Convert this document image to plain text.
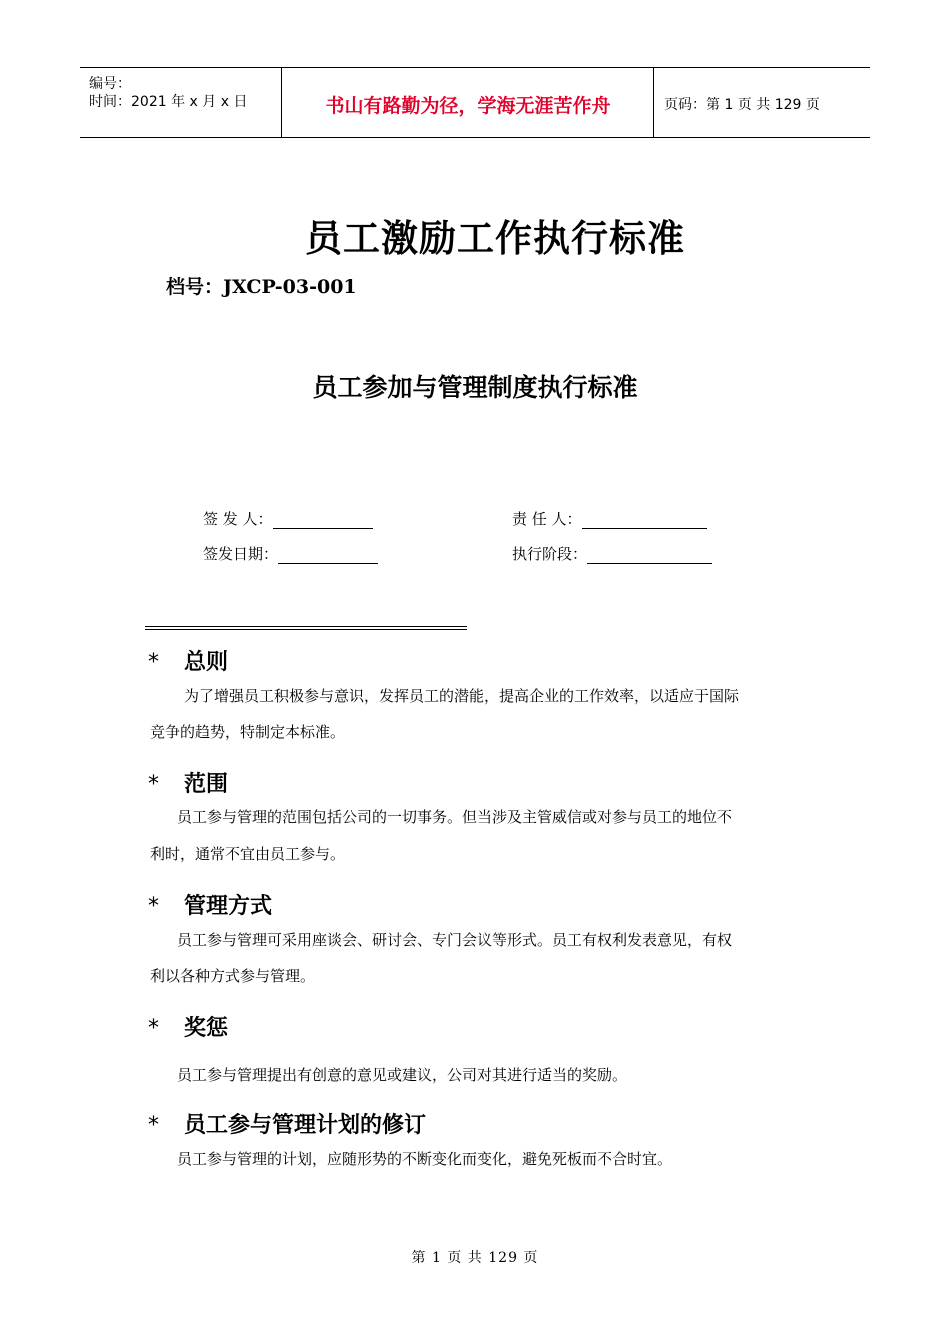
编号：
时间：2021 年 x 月 x 日	书山有路勤为径，学海无涯苦作舟	页码：第 1 页 共 129 页
员工激励工作执行标准
档号：JXCP-03-001
员工参加与管理制度执行标准
签 发 人：	责 任 人：
签发日期：	执行阶段：
* 总则
为了增强员工积极参与意识，发挥员工的潜能，提高企业的工作效率，以适应于国际
竞争的趋势，特制定本标准。
* 范围
员工参与管理的范围包括公司的一切事务。但当涉及主管威信或对参与员工的地位不
利时，通常不宜由员工参与。
* 管理方式
员工参与管理可采用座谈会、研讨会、专门会议等形式。员工有权利发表意见，有权
利以各种方式参与管理。
* 奖惩
员工参与管理提出有创意的意见或建议，公司对其进行适当的奖励。
* 员工参与管理计划的修订
员工参与管理的计划，应随形势的不断变化而变化，避免死板而不合时宜。
第 1 页 共 129 页
